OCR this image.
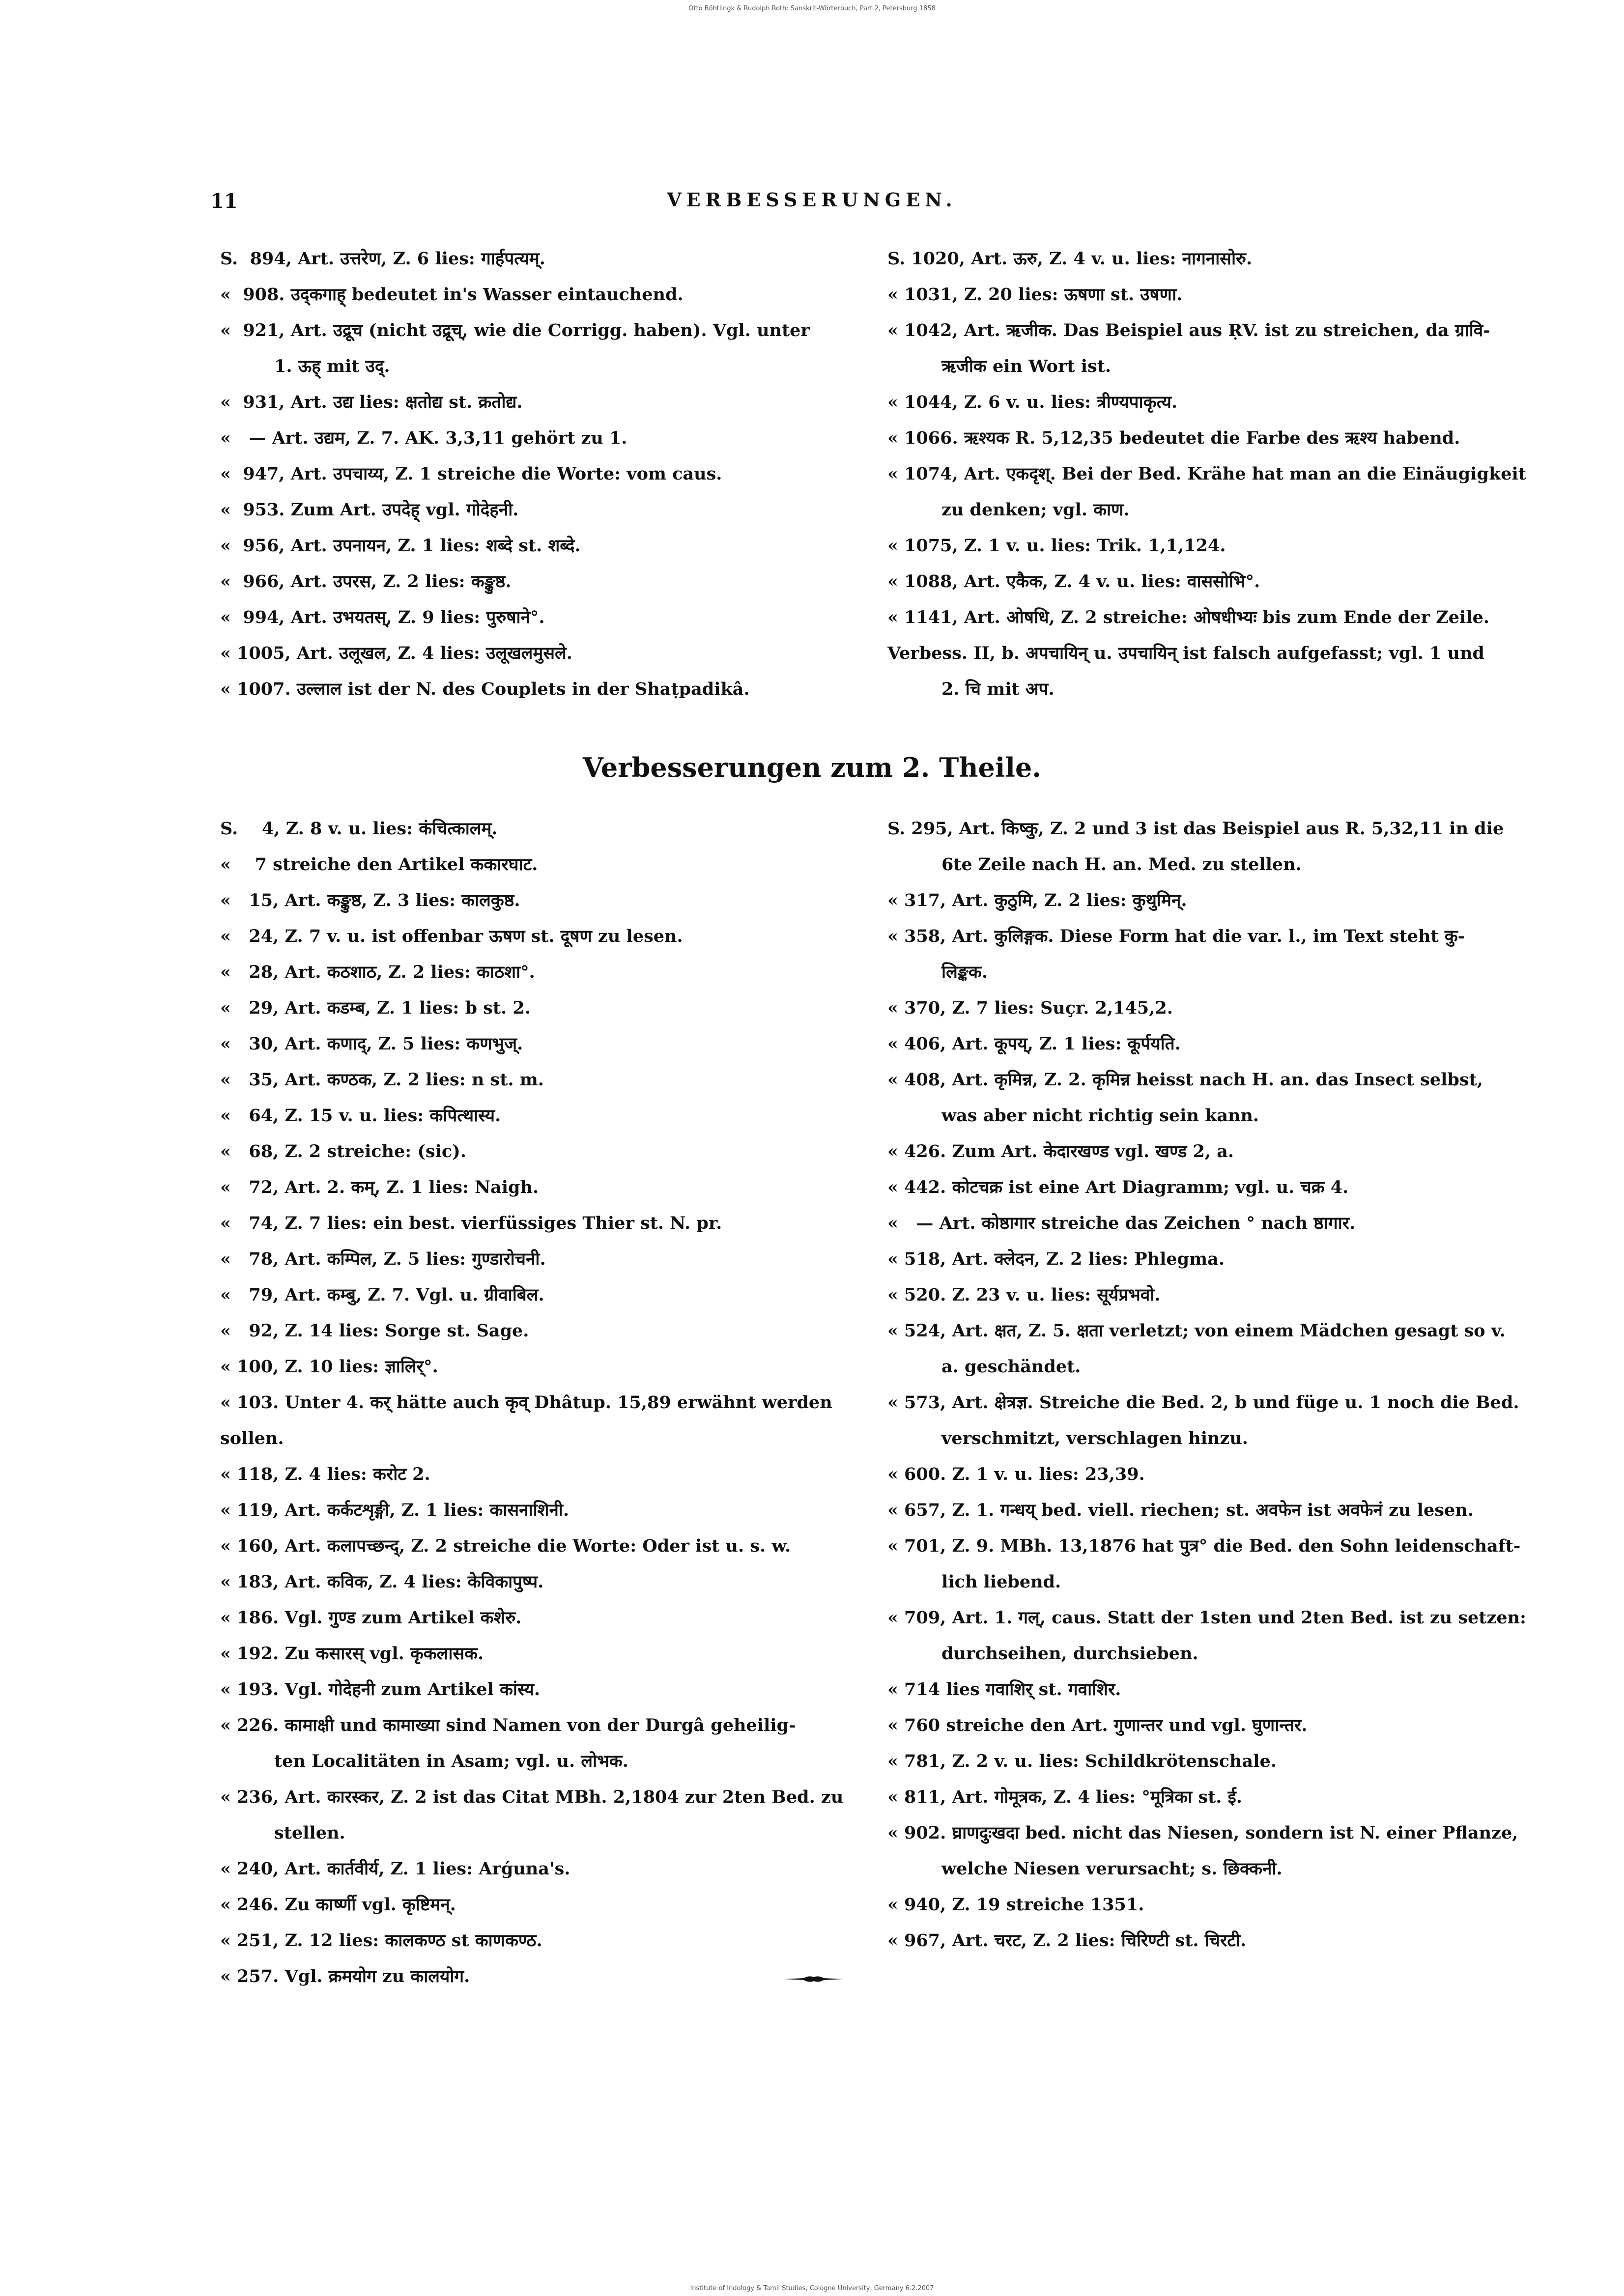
Otto Böhtlingk & Rudolph Roth: Sanskrit-Wörterbuch, Part 2, Petersburg 1858
11	VERBESSERUNGEN.
S.  894, Art. उत्तरेण, Z. 6 lies: गार्हपत्यम्.
«  908. उद्कगाह् bedeutet in's Wasser eintauchend.
«  921, Art. उद्रूच (nicht उद्रूच्, wie die Corrigg. haben). Vgl. unter
1. ऊह् mit उद्.
«  931, Art. उद्य lies: क्षतोद्य st. क्रतोद्य.
«   — Art. उद्यम, Z. 7. AK. 3,3,11 gehört zu 1.
«  947, Art. उपचाय्य, Z. 1 streiche die Worte: vom caus.
«  953. Zum Art. उपदेह् vgl. गोदेहनी.
«  956, Art. उपनायन, Z. 1 lies: शब्दे st. शब्दे.
«  966, Art. उपरस, Z. 2 lies: कङ्कुष्ठ.
«  994, Art. उभयतस्, Z. 9 lies: पुरुषाने°.
« 1005, Art. उलूखल, Z. 4 lies: उलूखलमुसले.
« 1007. उल्लाल ist der N. des Couplets in der Shaṭpadikâ.
S. 1020, Art. ऊरु, Z. 4 v. u. lies: नागनासोरु.
« 1031, Z. 20 lies: ऊषणा st. उषणा.
« 1042, Art. ऋजीक. Das Beispiel aus ṚV. ist zu streichen, da ग्रावि-
ऋजीक ein Wort ist.
« 1044, Z. 6 v. u. lies: त्रीण्यपाकृत्य.
« 1066. ऋश्यक R. 5,12,35 bedeutet die Farbe des ऋश्य habend.
« 1074, Art. एकदृश्. Bei der Bed. Krähe hat man an die Einäugigkeit
zu denken; vgl. काण.
« 1075, Z. 1 v. u. lies: Trik. 1,1,124.
« 1088, Art. एकैक, Z. 4 v. u. lies: वाससोभि°.
« 1141, Art. ओषधि, Z. 2 streiche: ओषधीभ्यः bis zum Ende der Zeile.
Verbess. II, b. अपचायिन् u. उपचायिन् ist falsch aufgefasst; vgl. 1 und
2. चि mit अप.
Verbesserungen zum 2. Theile.
S.    4, Z. 8 v. u. lies: कंचित्कालम्.
«    7 streiche den Artikel ककारघाट.
«   15, Art. कङ्कुष्ठ, Z. 3 lies: कालकुष्ठ.
«   24, Z. 7 v. u. ist offenbar ऊषण st. दूषण zu lesen.
«   28, Art. कठशाठ, Z. 2 lies: काठशा°.
«   29, Art. कडम्ब, Z. 1 lies: b st. 2.
«   30, Art. कणाद्, Z. 5 lies: कणभुज्.
«   35, Art. कण्ठक, Z. 2 lies: n st. m.
«   64, Z. 15 v. u. lies: कपित्थास्य.
«   68, Z. 2 streiche: (sic).
«   72, Art. 2. कम्, Z. 1 lies: Naigh.
«   74, Z. 7 lies: ein best. vierfüssiges Thier st. N. pr.
«   78, Art. कम्पिल, Z. 5 lies: गुण्डारोचनी.
«   79, Art. कम्बु, Z. 7. Vgl. u. ग्रीवाबिल.
«   92, Z. 14 lies: Sorge st. Sage.
« 100, Z. 10 lies: ज्ञालिर्°.
« 103. Unter 4. कर् hätte auch कृव् Dhâtup. 15,89 erwähnt werden sollen.
« 118, Z. 4 lies: करोट 2.
« 119, Art. कर्कटशृङ्गी, Z. 1 lies: कासनाशिनी.
« 160, Art. कलापच्छन्द्, Z. 2 streiche die Worte: Oder ist u. s. w.
« 183, Art. कविक, Z. 4 lies: केविकापुष्प.
« 186. Vgl. गुण्ड zum Artikel कशेरु.
« 192. Zu कसारस् vgl. कृकलासक.
« 193. Vgl. गोदेहनी zum Artikel कांस्य.
« 226. कामाक्षी und कामाख्या sind Namen von der Durgâ geheilig-
ten Localitäten in Asam; vgl. u. लोभक.
« 236, Art. कारस्कर, Z. 2 ist das Citat MBh. 2,1804 zur 2ten Bed. zu
stellen.
« 240, Art. कार्तवीर्य, Z. 1 lies: Arǵuna's.
« 246. Zu कार्ष्णी vgl. कृष्टिमन्.
« 251, Z. 12 lies: कालकण्ठ st काणकण्ठ.
« 257. Vgl. क्रमयोग zu कालयोग.
S. 295, Art. किष्कु, Z. 2 und 3 ist das Beispiel aus R. 5,32,11 in die
6te Zeile nach H. an. Med. zu stellen.
« 317, Art. कुठुमि, Z. 2 lies: कुथुमिन्.
« 358, Art. कुलिङ्गक. Diese Form hat die var. l., im Text steht कु-
लिङ्कक.
« 370, Z. 7 lies: Suçr. 2,145,2.
« 406, Art. कूपय्, Z. 1 lies: कूर्पयति.
« 408, Art. कृमिन्न, Z. 2. कृमिन्न heisst nach H. an. das Insect selbst,
was aber nicht richtig sein kann.
« 426. Zum Art. केदारखण्ड vgl. खण्ड 2, a.
« 442. कोटचक्र ist eine Art Diagramm; vgl. u. चक्र 4.
«   — Art. कोष्ठागार streiche das Zeichen ° nach ष्ठागार.
« 518, Art. क्लेदन, Z. 2 lies: Phlegma.
« 520. Z. 23 v. u. lies: सूर्यप्रभवो.
« 524, Art. क्षत, Z. 5. क्षता verletzt; von einem Mädchen gesagt so v.
a. geschändet.
« 573, Art. क्षेत्रज्ञ. Streiche die Bed. 2, b und füge u. 1 noch die Bed.
verschmitzt, verschlagen hinzu.
« 600. Z. 1 v. u. lies: 23,39.
« 657, Z. 1. गन्धय् bed. viell. riechen; st. अवफेन ist अवफेनं zu lesen.
« 701, Z. 9. MBh. 13,1876 hat पुत्र° die Bed. den Sohn leidenschaft-
lich liebend.
« 709, Art. 1. गल्, caus. Statt der 1sten und 2ten Bed. ist zu setzen:
durchseihen, durchsieben.
« 714 lies गवाशिर् st. गवाशिर.
« 760 streiche den Art. गुणान्तर und vgl. घुणान्तर.
« 781, Z. 2 v. u. lies: Schildkrötenschale.
« 811, Art. गोमूत्रक, Z. 4 lies: °मूत्रिका st. ई.
« 902. घ्राणदुःखदा bed. nicht das Niesen, sondern ist N. einer Pflanze,
welche Niesen verursacht; s. छिक्कनी.
« 940, Z. 19 streiche 1351.
« 967, Art. चरट, Z. 2 lies: चिरिण्टी st. चिरटी.
Institute of Indology & Tamil Studies, Cologne University, Germany 6.2.2007
